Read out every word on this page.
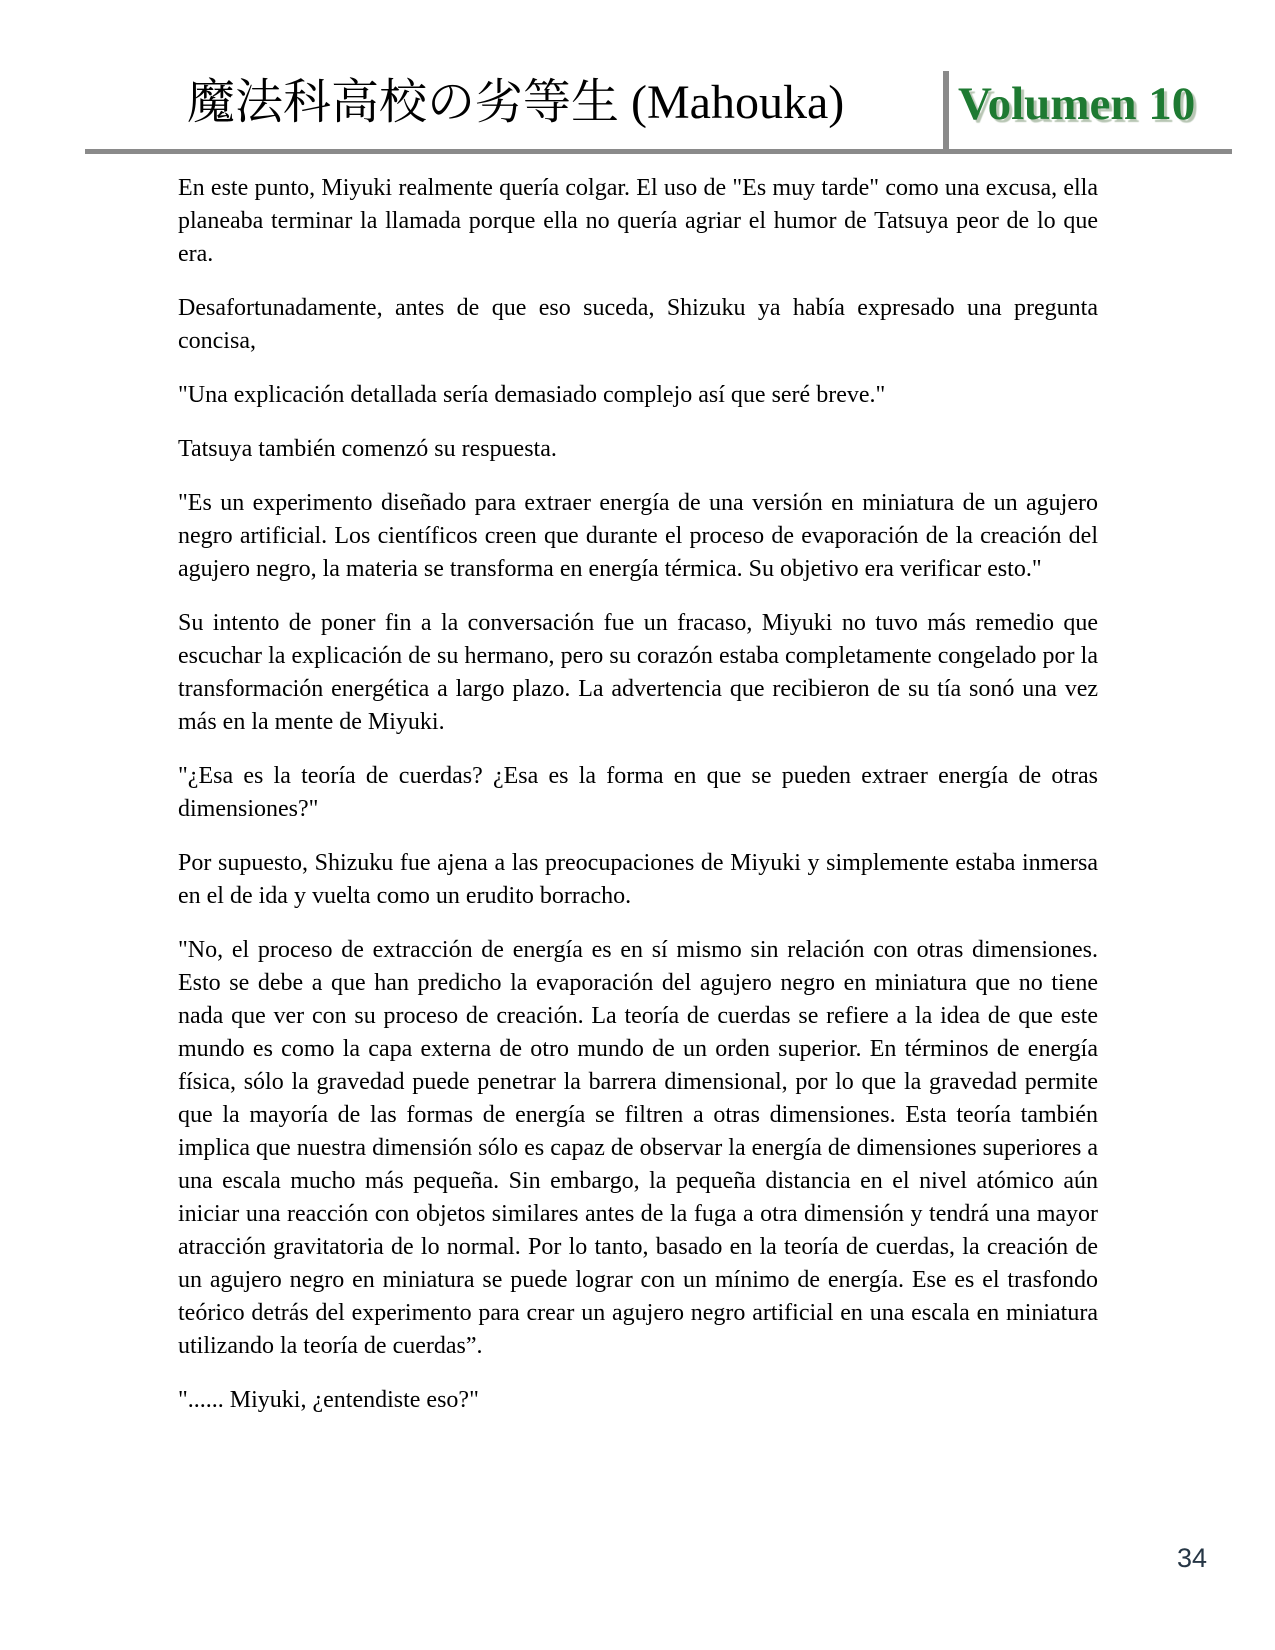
魔法科高校の劣等生 (Mahouka) Volumen 10

En este punto, Miyuki realmente quería colgar. El uso de "Es muy tarde" como una excusa, ella planeaba terminar la llamada porque ella no quería agriar el humor de Tatsuya peor de lo que era.

Desafortunadamente, antes de que eso suceda, Shizuku ya había expresado una pregunta concisa,

"Una explicación detallada sería demasiado complejo así que seré breve."

Tatsuya también comenzó su respuesta.

"Es un experimento diseñado para extraer energía de una versión en miniatura de un agujero negro artificial. Los científicos creen que durante el proceso de evaporación de la creación del agujero negro, la materia se transforma en energía térmica. Su objetivo era verificar esto."

Su intento de poner fin a la conversación fue un fracaso, Miyuki no tuvo más remedio que escuchar la explicación de su hermano, pero su corazón estaba completamente congelado por la transformación energética a largo plazo. La advertencia que recibieron de su tía sonó una vez más en la mente de Miyuki.

"¿Esa es la teoría de cuerdas? ¿Esa es la forma en que se pueden extraer energía de otras dimensiones?"

Por supuesto, Shizuku fue ajena a las preocupaciones de Miyuki y simplemente estaba inmersa en el de ida y vuelta como un erudito borracho.

"No, el proceso de extracción de energía es en sí mismo sin relación con otras dimensiones. Esto se debe a que han predicho la evaporación del agujero negro en miniatura que no tiene nada que ver con su proceso de creación. La teoría de cuerdas se refiere a la idea de que este mundo es como la capa externa de otro mundo de un orden superior. En términos de energía física, sólo la gravedad puede penetrar la barrera dimensional, por lo que la gravedad permite que la mayoría de las formas de energía se filtren a otras dimensiones. Esta teoría también implica que nuestra dimensión sólo es capaz de observar la energía de dimensiones superiores a una escala mucho más pequeña. Sin embargo, la pequeña distancia en el nivel atómico aún iniciar una reacción con objetos similares antes de la fuga a otra dimensión y tendrá una mayor atracción gravitatoria de lo normal. Por lo tanto, basado en la teoría de cuerdas, la creación de un agujero negro en miniatura se puede lograr con un mínimo de energía. Ese es el trasfondo teórico detrás del experimento para crear un agujero negro artificial en una escala en miniatura utilizando la teoría de cuerdas”.

"...... Miyuki, ¿entendiste eso?"

34
